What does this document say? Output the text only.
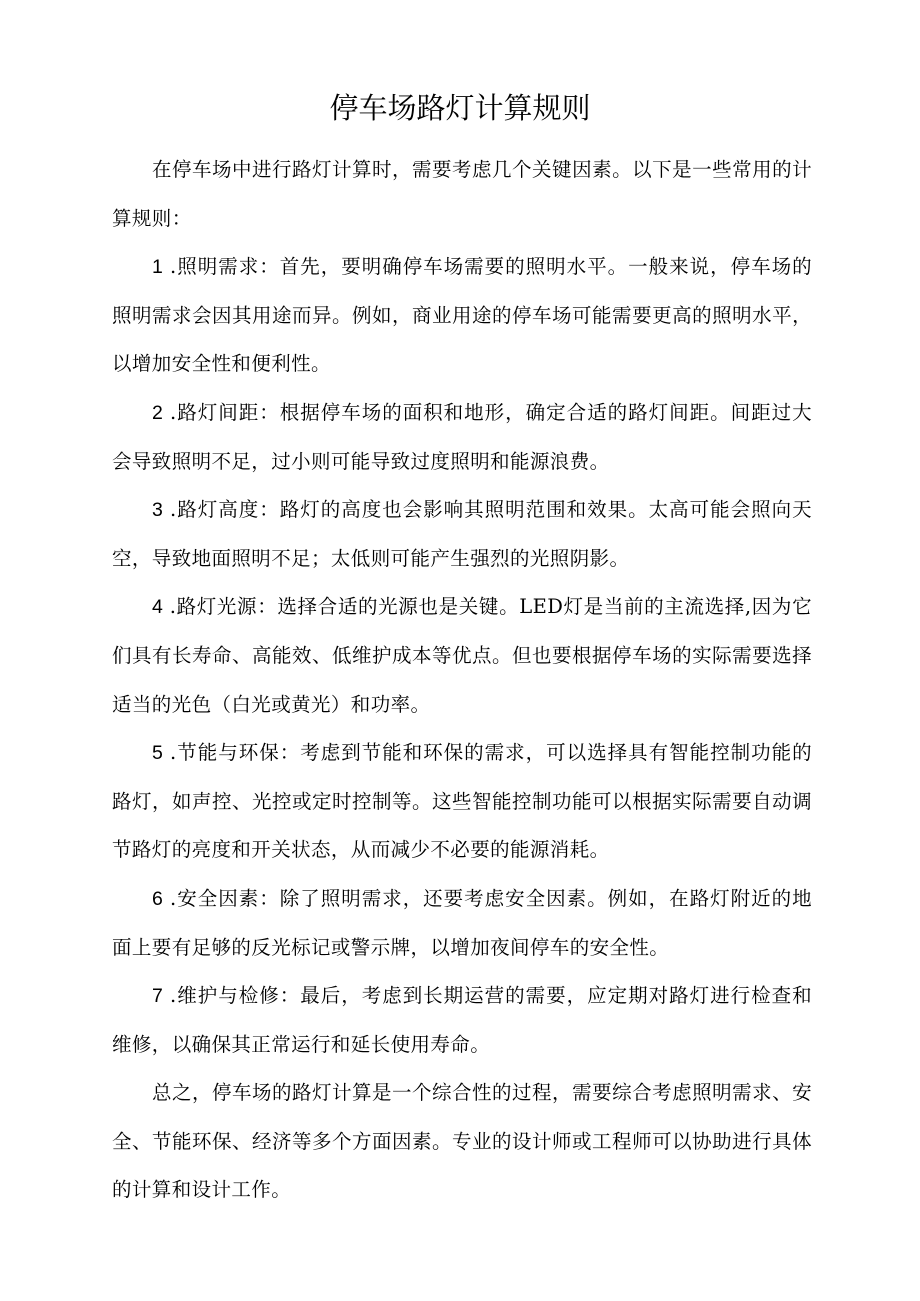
停车场路灯计算规则

在停车场中进行路灯计算时，需要考虑几个关键因素。以下是一些常用的计算规则：

1 .照明需求：首先，要明确停车场需要的照明水平。一般来说，停车场的照明需求会因其用途而异。例如，商业用途的停车场可能需要更高的照明水平，以增加安全性和便利性。

2 .路灯间距：根据停车场的面积和地形，确定合适的路灯间距。间距过大会导致照明不足，过小则可能导致过度照明和能源浪费。

3 .路灯高度：路灯的高度也会影响其照明范围和效果。太高可能会照向天空，导致地面照明不足；太低则可能产生强烈的光照阴影。

4 .路灯光源：选择合适的光源也是关键。LED灯是当前的主流选择,因为它们具有长寿命、高能效、低维护成本等优点。但也要根据停车场的实际需要选择适当的光色（白光或黄光）和功率。

5 .节能与环保：考虑到节能和环保的需求，可以选择具有智能控制功能的路灯，如声控、光控或定时控制等。这些智能控制功能可以根据实际需要自动调节路灯的亮度和开关状态，从而减少不必要的能源消耗。

6 .安全因素：除了照明需求，还要考虑安全因素。例如，在路灯附近的地面上要有足够的反光标记或警示牌，以增加夜间停车的安全性。

7 .维护与检修：最后，考虑到长期运营的需要，应定期对路灯进行检查和维修，以确保其正常运行和延长使用寿命。

总之，停车场的路灯计算是一个综合性的过程，需要综合考虑照明需求、安全、节能环保、经济等多个方面因素。专业的设计师或工程师可以协助进行具体的计算和设计工作。
